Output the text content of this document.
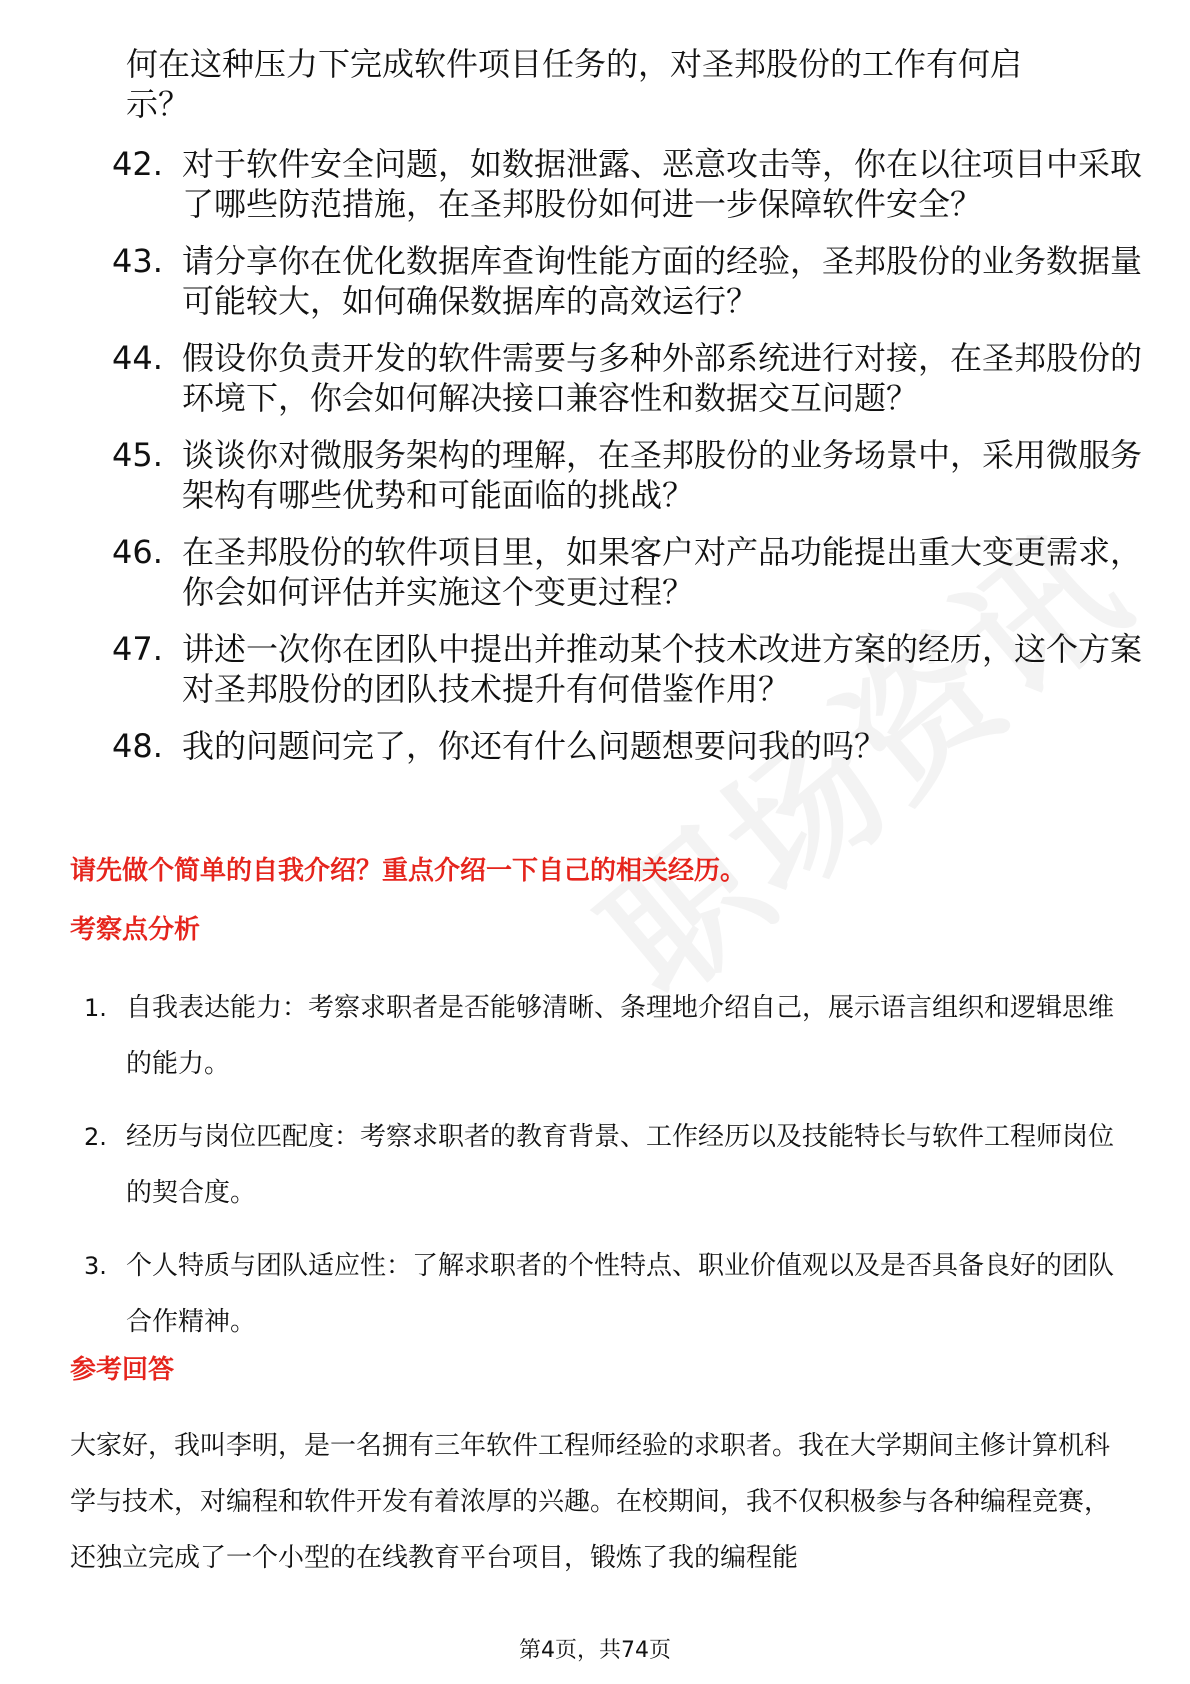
何在这种压力下完成软件项目任务的，对圣邦股份的工作有何启
示？
42. 对于软件安全问题，如数据泄露、恶意攻击等，你在以往项目中采取了哪些防范措施，在圣邦股份如何进一步保障软件安全？
43. 请分享你在优化数据库查询性能方面的经验，圣邦股份的业务数据量可能较大，如何确保数据库的高效运行？
44. 假设你负责开发的软件需要与多种外部系统进行对接，在圣邦股份的环境下，你会如何解决接口兼容性和数据交互问题？
45. 谈谈你对微服务架构的理解，在圣邦股份的业务场景中，采用微服务架构有哪些优势和可能面临的挑战？
46. 在圣邦股份的软件项目里，如果客户对产品功能提出重大变更需求，你会如何评估并实施这个变更过程？
47. 讲述一次你在团队中提出并推动某个技术改进方案的经历，这个方案对圣邦股份的团队技术提升有何借鉴作用？
48. 我的问题问完了，你还有什么问题想要问我的吗？
请先做个简单的自我介绍？重点介绍一下自己的相关经历。
考察点分析
1. 自我表达能力：考察求职者是否能够清晰、条理地介绍自己，展示语言组织和逻辑思维的能力。
2. 经历与岗位匹配度：考察求职者的教育背景、工作经历以及技能特长与软件工程师岗位的契合度。
3. 个人特质与团队适应性：了解求职者的个性特点、职业价值观以及是否具备良好的团队合作精神。
参考回答
大家好，我叫李明，是一名拥有三年软件工程师经验的求职者。我在大学期间主修计算机科学与技术，对编程和软件开发有着浓厚的兴趣。在校期间，我不仅积极参与各种编程竞赛，还独立完成了一个小型的在线教育平台项目，锻炼了我的编程能
第4页，共74页
